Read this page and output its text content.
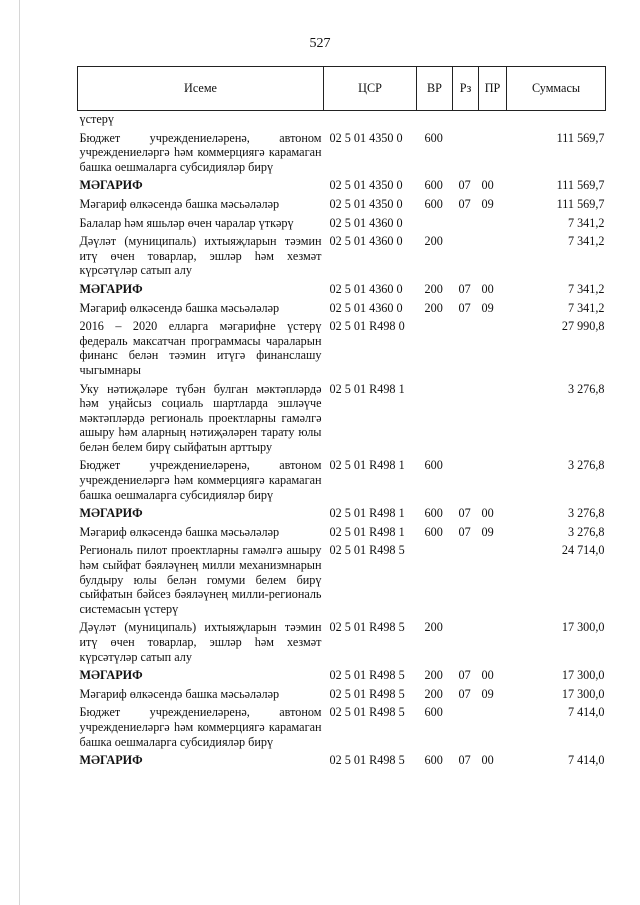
527
Исеме	ЦСР	ВР	Рз	ПР	Суммасы
үстерү					
Бюджет учреждениеләренә, автоном учреждениеләргә һәм коммерциягә карамаган башка оешмаларга субсидияләр бирү	02 5 01 4350 0	600			111 569,7
МӘГАРИФ	02 5 01 4350 0	600	07	00	111 569,7
Мәгариф өлкәсендә башка мәсьәләләр	02 5 01 4350 0	600	07	09	111 569,7
Балалар һәм яшьләр өчен чаралар үткәрү	02 5 01 4360 0				7 341,2
Дәүләт (муниципаль) ихтыяҗларын тәэмин итү өчен товарлар, эшләр һәм хезмәт күрсәтүләр сатып алу	02 5 01 4360 0	200			7 341,2
МӘГАРИФ	02 5 01 4360 0	200	07	00	7 341,2
Мәгариф өлкәсендә башка мәсьәләләр	02 5 01 4360 0	200	07	09	7 341,2
2016 – 2020 елларга мәгарифне үстерү федераль максатчан программасы чараларын финанс белән тәэмин итүгә финанслашу чыгымнары	02 5 01 R498 0				27 990,8
Уку нәтиҗәләре түбән булган мәктәпләрдә һәм уңайсыз социаль шартларда эшләүче мәктәпләрдә региональ проектларны гамәлгә ашыру һәм аларның нәтиҗәләрен тарату юлы белән белем бирү сыйфатын арттыру	02 5 01 R498 1				3 276,8
Бюджет учреждениеләренә, автоном учреждениеләргә һәм коммерциягә карамаган башка оешмаларга субсидияләр бирү	02 5 01 R498 1	600			3 276,8
МӘГАРИФ	02 5 01 R498 1	600	07	00	3 276,8
Мәгариф өлкәсендә башка мәсьәләләр	02 5 01 R498 1	600	07	09	3 276,8
Региональ пилот проектларны гамәлгә ашыру һәм сыйфат бәяләүнең милли механизмнарын булдыру юлы белән гомуми белем бирү сыйфатын бәйсез бәяләүнең милли-региональ системасын үстерү	02 5 01 R498 5				24 714,0
Дәүләт (муниципаль) ихтыяҗларын тәэмин итү өчен товарлар, эшләр һәм хезмәт күрсәтүләр сатып алу	02 5 01 R498 5	200			17 300,0
МӘГАРИФ	02 5 01 R498 5	200	07	00	17 300,0
Мәгариф өлкәсендә башка мәсьәләләр	02 5 01 R498 5	200	07	09	17 300,0
Бюджет учреждениеләренә, автоном учреждениеләргә һәм коммерциягә карамаган башка оешмаларга субсидияләр бирү	02 5 01 R498 5	600			7 414,0
МӘГАРИФ	02 5 01 R498 5	600	07	00	7 414,0
